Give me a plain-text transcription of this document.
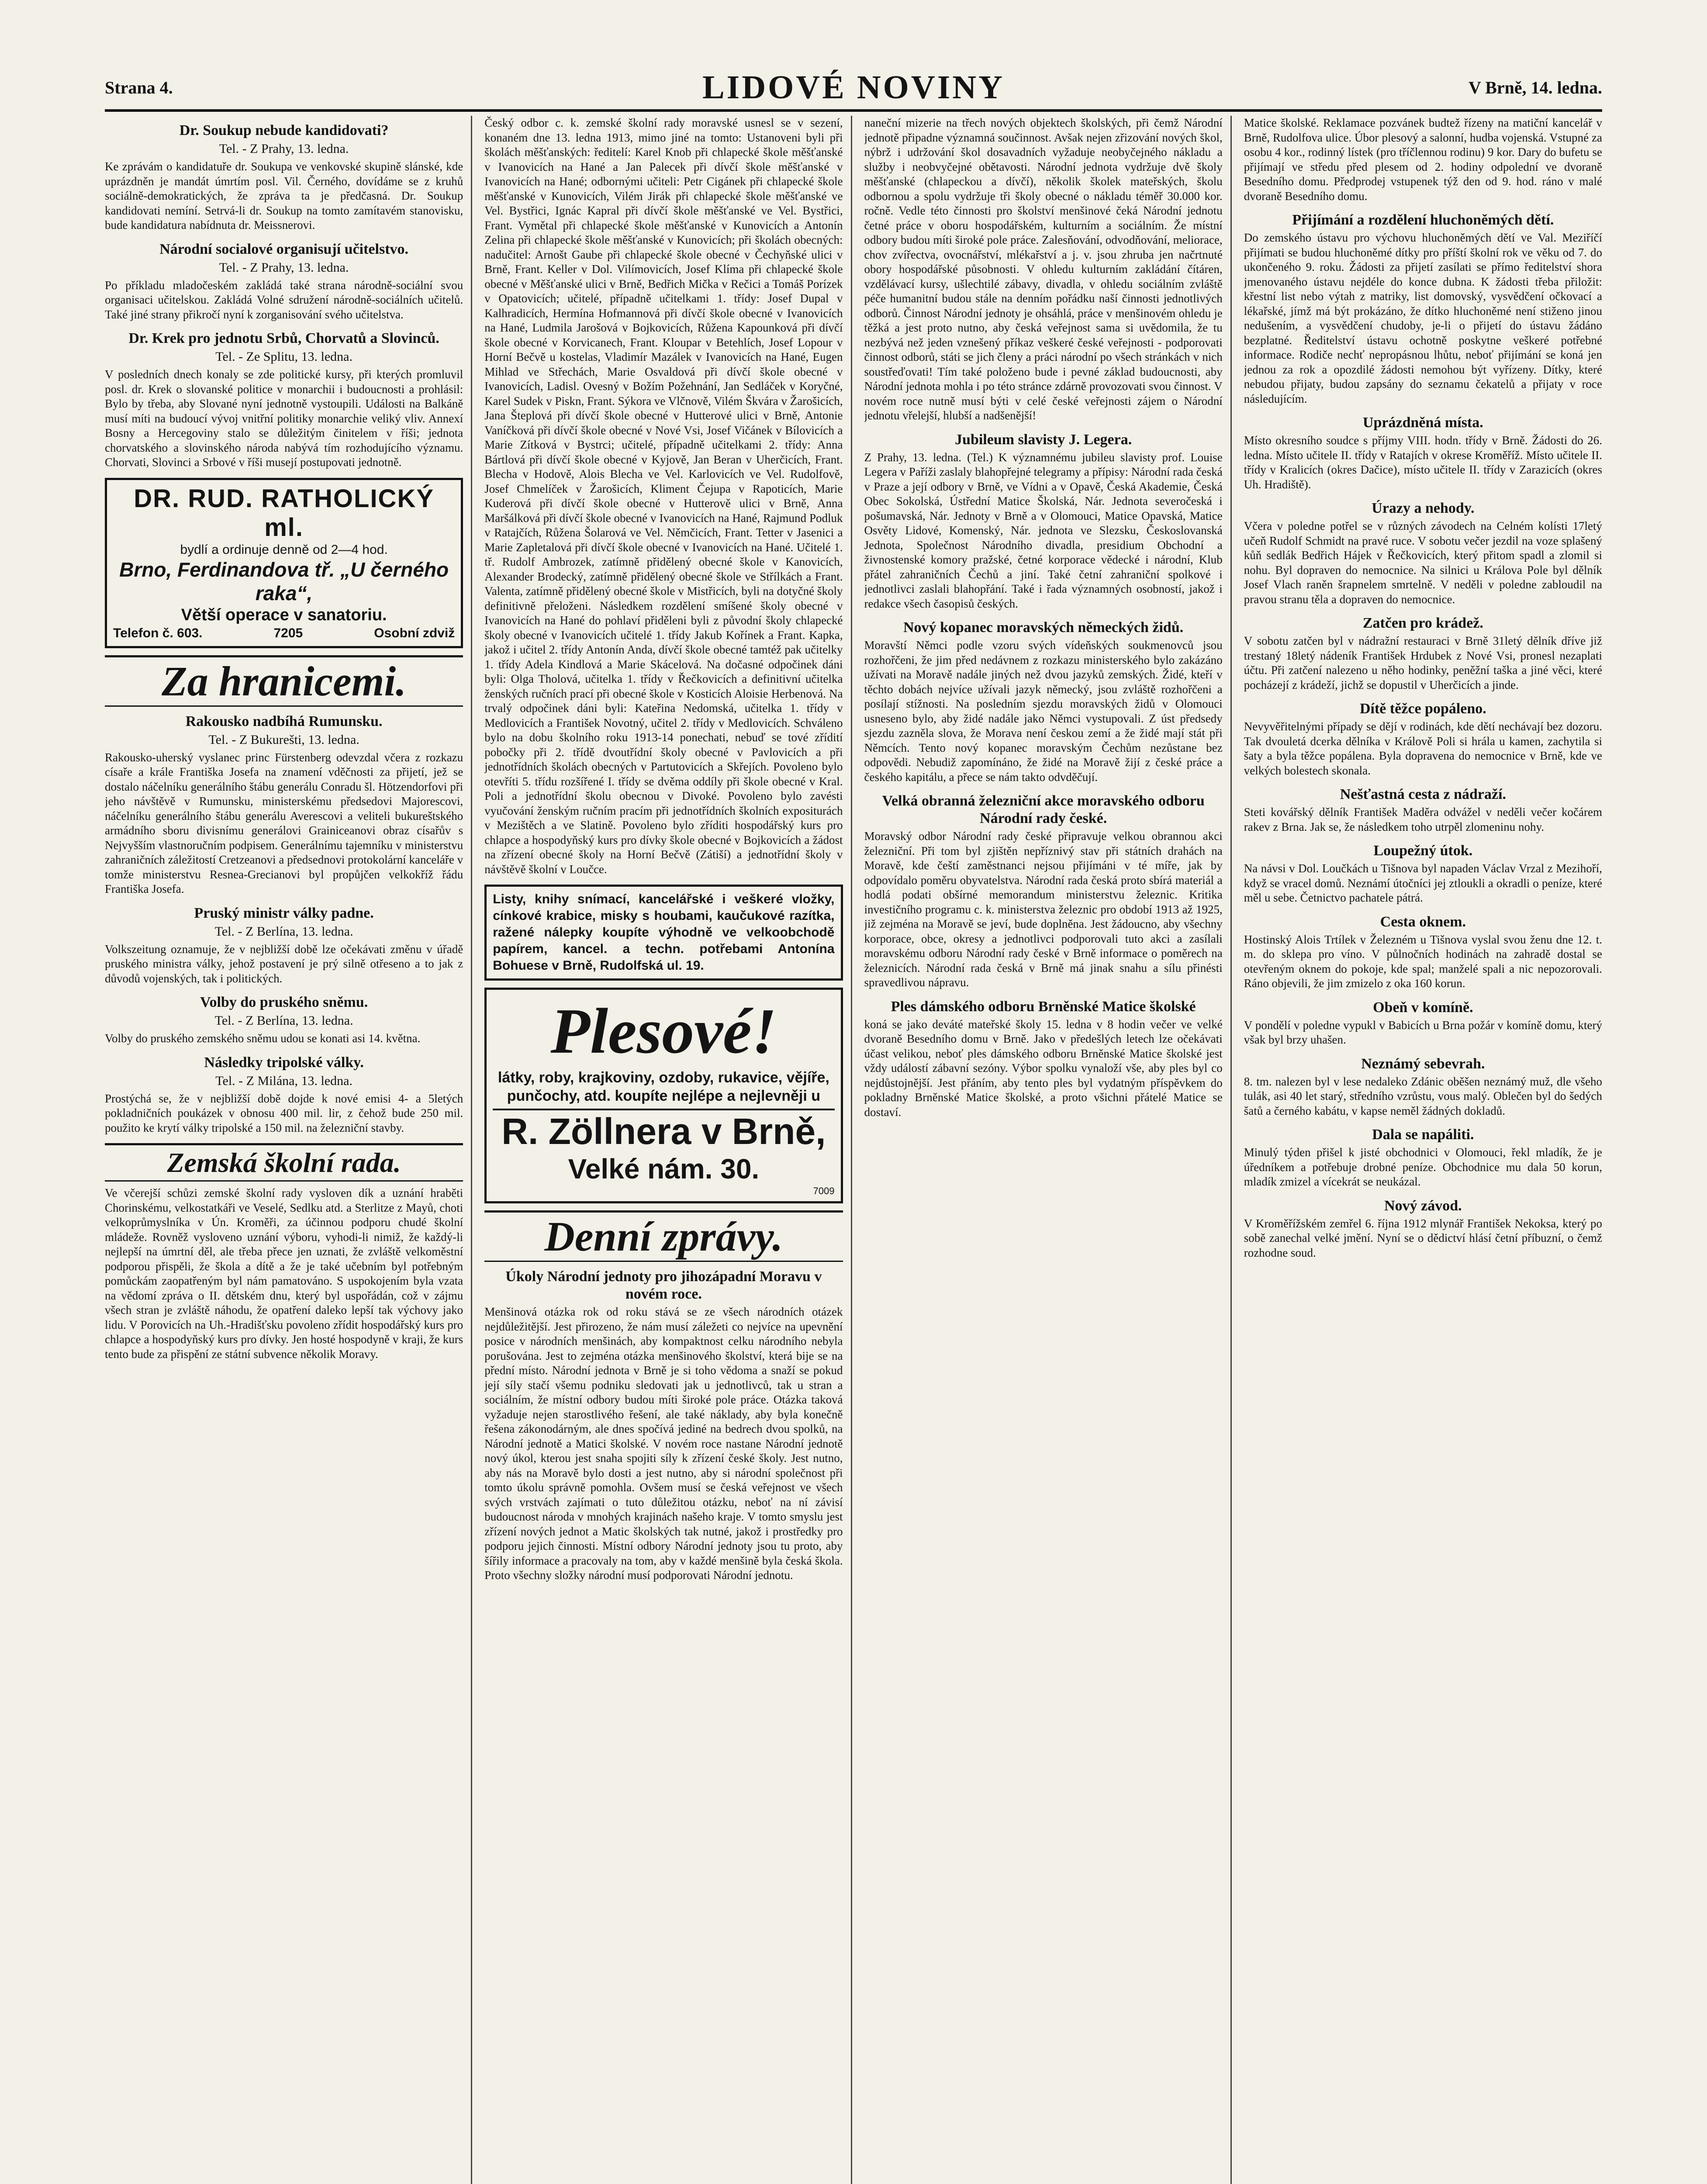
Strana 4.	LIDOVÉ NOVINY	V Brně, 14. ledna.
Dr. Soukup nebude kandidovati?
Tel. - Z Prahy, 13. ledna.

Ke zprávám o kandidatuře dr. Soukupa ve venkovské skupině slánské, kde uprázdněn je mandát úmrtím posl. Vil. Černého, dovídáme se z kruhů sociálně-demokratických, že zpráva ta je předčasná. Dr. Soukup kandidovati nemíní. Setrvá-li dr. Soukup na tomto zamítavém stanovisku, bude kandidatura nabídnuta dr. Meissnerovi.

Národní socialové organisují učitelstvo.
Tel. - Z Prahy, 13. ledna.

Po příkladu mladočeském zakládá také strana národně-sociální svou organisaci učitelskou. Zakládá Volné sdružení národně-sociálních učitelů. Také jiné strany přikročí nyní k zorganisování svého učitelstva.

Dr. Krek pro jednotu Srbů, Chorvatů a Slovinců.
Tel. - Ze Splitu, 13. ledna.

V posledních dnech konaly se zde politické kursy, při kterých promluvil posl. dr. Krek o slovanské politice v monarchii i budoucnosti a prohlásil: Bylo by třeba, aby Slované nyní jednotně vystoupili. Události na Balkáně musí míti na budoucí vývoj vnitřní politiky monarchie veliký vliv. Annexí Bosny a Hercegoviny stalo se důležitým činitelem v říši; jednota chorvatského a slovinského národa nabývá tím rozhodujícího významu. Chorvati, Slovinci a Srbové v říši musejí postupovati jednotně.

DR. RUD. RATHOLICKÝ ml.
bydlí a ordinuje denně od 2—4 hod.
Brno, Ferdinandova tř. „U černého raka“,
Větší operace v sanatoriu.
Telefon č. 603.	7205	Osobní zdviž
Za hranicemi.
Rakousko nadbíhá Rumunsku.
Tel. - Z Bukurešti, 13. ledna.

Rakousko-uherský vyslanec princ Fürstenberg odevzdal včera z rozkazu císaře a krále Františka Josefa na znamení vděčnosti za přijetí, jež se dostalo náčelníku generálního štábu generálu Conradu šl. Hötzendorfovi při jeho návštěvě v Rumunsku, ministerskému předsedovi Majorescovi, náčelníku generálního štábu generálu Averescovi a veliteli bukureštského armádního sboru divisnímu generálovi Grainiceanovi obraz císařův s Nejvyšším vlastnoručním podpisem. Generálnímu tajemníku v ministerstvu zahraničních záležitostí Cretzeanovi a předsednovi protokolární kanceláře v tomže ministerstvu Resnea-Grecianovi byl propůjčen velkokříž řádu Františka Josefa.

Pruský ministr války padne.
Tel. - Z Berlína, 13. ledna.

Volkszeitung oznamuje, že v nejbližší době lze očekávati změnu v úřadě pruského ministra války, jehož postavení je prý silně otřeseno a to jak z důvodů vojenských, tak i politických.

Volby do pruského sněmu.
Tel. - Z Berlína, 13. ledna.

Volby do pruského zemského sněmu udou se konati asi 14. května.

Následky tripolské války.
Tel. - Z Milána, 13. ledna.

Prostýchá se, že v nejbližší době dojde k nové emisi 4- a 5letých pokladničních poukázek v obnosu 400 mil. lir, z čehož bude 250 mil. použito ke krytí války tripolské a 150 mil. na železniční stavby.

Zemská školní rada.

Ve včerejší schůzi zemské školní rady vysloven dík a uznání hraběti Chorinskému, velkostatkáři ve Veselé, Sedlku atd. a Sterlitze z Mayů, choti velkoprůmyslníka v Ún. Kroměři, za účinnou podporu chudé školní mládeže. Rovněž vysloveno uznání výboru, vyhodi-li nimiž, že každý-li nejlepší na úmrtní děl, ale třeba přece jen uznati, že zvláště velkoměstní podporou přispěli, že škola a dítě a že je také učebním byl potřebným pomůckám zaopatřeným byl nám pamatováno. S uspokojením byla vzata na vědomí zpráva o II. dětském dnu, který byl uspořádán, což v zájmu všech stran je zvláště náhodu, že opatření daleko lepší tak výchovy jako lidu. V Porovicích na Uh.-Hradišťsku povoleno zřídit hospodářský kurs pro chlapce a hospodyňský kurs pro dívky. Jen hosté hospodyně v kraji, že kurs tento bude za přispění ze státní subvence několik Moravy.

Český odbor c. k. zemské školní rady moravské usnesl se v sezení, konaném dne 13. ledna 1913, mimo jiné na tomto: Ustanoveni byli při školách měšťanských: ředitelí: Karel Knob při chlapecké škole měšťanské v Ivanovicích na Hané a Jan Palecek při dívčí škole měšťanské v Ivanovicích na Hané; odbornými učiteli: Petr Cigánek při chlapecké škole měšťanské v Kunovicích, Vilém Jirák při chlapecké škole měšťanské ve Vel. Bystřici, Ignác Kapral při dívčí škole měšťanské ve Vel. Bystřici, Frant. Vymětal při chlapecké škole měšťanské v Kunovicích a Antonín Zelina při chlapecké škole měšťanské v Kunovicích; při školách obecných: nadučitel: Arnošt Gaube při chlapecké škole obecné v Čechyňské ulici v Brně, Frant. Keller v Dol. Vilímovicích, Josef Klíma při chlapecké škole obecné v Měšťanské ulici v Brně, Bedřich Mička v Rečici a Tomáš Porízek v Opatovicích; učitelé, případně učitelkami 1. třídy: Josef Dupal v Kalhradicích, Hermína Hofmannová při dívčí škole obecné v Ivanovicích na Hané, Ludmila Jarošová v Bojkovicích, Růžena Kapounková při dívčí škole obecné v Korvicanech, Frant. Kloupar v Betehlích, Josef Lopour v Horní Bečvě u kostelas, Vladimír Mazálek v Ivanovicích na Hané, Eugen Mihlad ve Střechách, Marie Osvaldová při dívčí škole obecné v Ivanovicích, Ladisl. Ovesný v Božím Požehnání, Jan Sedláček v Koryčné, Karel Sudek v Piskn, Frant. Sýkora ve Vlčnově, Vilém Škvára v Žarošicích, Jana Šteplová při dívčí škole obecné v Hutterové ulici v Brně, Antonie Vaníčková při dívčí škole obecné v Nové Vsi, Josef Vičánek v Bílovicích a Marie Zítková v Bystrci; učitelé, případně učitelkami 2. třídy: Anna Bártlová při dívčí škole obecné v Kyjově, Jan Beran v Uherčicích, Frant. Blecha v Hodově, Alois Blecha ve Vel. Karlovicích ve Vel. Rudolfově, Josef Chmelíček v Žarošicích, Kliment Čejupa v Rapoticích, Marie Kuderová při dívčí škole obecné v Hutterově ulici v Brně, Anna Maršálková při dívčí škole obecné v Ivanovicích na Hané, Rajmund Podluk v Ratajčích, Růžena Šolarová ve Vel. Němčicích, Frant. Tetter v Jasenici a Marie Zapletalová při dívčí škole obecné v Ivanovicích na Hané. Učitelé 1. tř. Rudolf Ambrozek, zatímně přidělený obecné škole v Kanovicích, Alexander Brodecký, zatímně přidělený obecné škole ve Střílkách a Frant. Valenta, zatímně přidělený obecné škole v Mistřicích, byli na dotyčné školy definitivně přeloženi. Následkem rozdělení smíšené školy obecné v Ivanovicích na Hané do pohlaví přiděleni byli z původní školy chlapecké školy obecné v Ivanovicích učitelé 1. třídy Jakub Kořínek a Frant. Kapka, jakož i učitel 2. třídy Antonín Anda, dívčí škole obecné tamtéž pak učitelky 1. třídy Adela Kindlová a Marie Skácelová. Na dočasné odpočinek dáni byli: Olga Tholová, učitelka 1. třídy v Řečkovicích a definitivní učitelka ženských ručních prací při obecné škole v Kosticích Aloisie Herbenová. Na trvalý odpočinek dáni byli: Kateřina Nedomská, učitelka 1. třídy v Medlovicích a František Novotný, učitel 2. třídy v Medlovicích. Schváleno bylo na dobu školního roku 1913-14 ponechati, nebuď se tové zřídití pobočky při 2. třídě dvoutřídní školy obecné v Pavlovicích a při jednotřídních školách obecných v Partutovicích a Skřejích. Povoleno bylo otevříti 5. třídu rozšířené I. třídy se dvěma oddíly při škole obecné v Kral. Poli a jednotřídní školu obecnou v Divoké. Povoleno bylo zavésti vyučování ženským ručním pracím při jednotřídních školních expositurách v Mezištěch a ve Slatině. Povoleno bylo zříditi hospodářský kurs pro chlapce a hospodyňský kurs pro dívky škole obecné v Bojkovicích a žádost na zřízení obecné školy na Horní Bečvě (Zátiší) a jednotřídní školy v návštěvě školní v Loučce.

Listy, knihy snímací, kancelářské i veškeré vložky, cínkové krabice, misky s houbami, kaučukové razítka, ražené nálepky koupíte výhodně ve velkoobchodě papírem, kancel. a techn. potřebami Antonína Bohuese v Brně, Rudolfská ul. 19.
Plesové!
látky, roby, krajkoviny, ozdoby, rukavice, vějíře, punčochy, atd. koupíte nejlépe a nejlevněji u
R. Zöllnera v Brně,
Velké nám. 30.
7009
Denní zprávy.
Úkoly Národní jednoty pro jihozápadní Moravu v novém roce.

Menšinová otázka rok od roku stává se ze všech národních otázek nejdůležitější. Jest přirozeno, že nám musí záležeti co nejvíce na upevnění posice v národních menšinách, aby kompaktnost celku národního nebyla porušována. Jest to zejména otázka menšinového školství, která bije se na přední místo. Národní jednota v Brně je si toho vědoma a snaží se pokud její síly stačí všemu podniku sledovati jak u jednotlivců, tak u stran a sociálním, že místní odbory budou míti široké pole práce. Otázka taková vyžaduje nejen starostlivého řešení, ale také náklady, aby byla konečně řešena zákonodárným, ale dnes spočívá jediné na bedrech dvou spolků, na Národní jednotě a Matici školské. V novém roce nastane Národní jednotě nový úkol, kterou jest snaha spojiti síly k zřízení české školy. Jest nutno, aby nás na Moravě bylo dosti a jest nutno, aby si národní společnost při tomto úkolu správně pomohla. Ovšem musí se česká veřejnost ve všech svých vrstvách zajímati o tuto důležitou otázku, neboť na ní závisí budoucnost národa v mnohých krajinách našeho kraje. V tomto smyslu jest zřízení nových jednot a Matic školských tak nutné, jakož i prostředky pro podporu jejich činnosti. Místní odbory Národní jednoty jsou tu proto, aby šířily informace a pracovaly na tom, aby v každé menšině byla česká škola. Proto všechny složky národní musí podporovati Národní jednotu.

naneční mizerie na třech nových objektech školských, při čemž Národní jednotě připadne významná součinnost. Avšak nejen zřizování nových škol, nýbrž i udržování škol dosavadních vyžaduje neobyčejného nákladu a služby i neobvyčejné obětavosti. Národní jednota vydržuje dvě školy měšťanské (chlapeckou a dívčí), několik školek mateřských, školu odbornou a spolu vydržuje tři školy obecné o nákladu téměř 30.000 kor. ročně. Vedle této činnosti pro školství menšinové čeká Národní jednotu četné práce v oboru hospodářském, kulturním a sociálním. Že místní odbory budou míti široké pole práce. Zalesňování, odvodňování, meliorace, chov zvířectva, ovocnářství, mlékařství a j. v. jsou zhruba jen načrtnuté obory hospodářské působnosti. V ohledu kulturním zakládání čítáren, vzdělávací kursy, ušlechtilé zábavy, divadla, v ohledu sociálním zvláště péče humanitní budou stále na denním pořádku naší činnosti jednotlivých odborů. Činnost Národní jednoty je ohsáhlá, práce v menšinovém ohledu je těžká a jest proto nutno, aby česká veřejnost sama si uvědomila, že tu nezbývá než jeden vznešený příkaz veškeré české veřejnosti - podporovati činnost odborů, státi se jich členy a práci národní po všech stránkách v nich soustřeďovati! Tím také položeno bude i pevné základ budoucnosti, aby Národní jednota mohla i po této stránce zdárně provozovati svou činnost. V novém roce nutně musí býti v celé české veřejnosti zájem o Národní jednotu vřelejší, hlubší a nadšenější!

Jubileum slavisty J. Legera.

Z Prahy, 13. ledna. (Tel.) K významnému jubileu slavisty prof. Louise Legera v Paříži zaslaly blahopřejné telegramy a přípisy: Národní rada česká v Praze a její odbory v Brně, ve Vídni a v Opavě, Česká Akademie, Česká Obec Sokolská, Ústřední Matice Školská, Nár. Jednota severočeská i pošumavská, Nár. Jednoty v Brně a v Olomouci, Matice Opavská, Matice Osvěty Lidové, Komenský, Nár. jednota ve Slezsku, Českoslovanská Jednota, Společnost Národního divadla, presidium Obchodní a živnostenské komory pražské, četné korporace vědecké i národní, Klub přátel zahraničních Čechů a jiní. Také četní zahraniční spolkové i jednotlivci zaslali blahopřání. Také i řada významných osobností, jakož i redakce všech časopisů českých.

Nový kopanec moravských německých židů.

Moravští Němci podle vzoru svých vídeňských soukmenovců jsou rozhořčeni, že jim před nedávnem z rozkazu ministerského bylo zakázáno užívati na Moravě nadále jiných než dvou jazyků zemských. Židé, kteří v těchto dobách nejvíce užívali jazyk německý, jsou zvláště rozhořčeni a posílají stížnosti. Na posledním sjezdu moravských židů v Olomouci usneseno bylo, aby židé nadále jako Němci vystupovali. Z úst předsedy sjezdu zazněla slova, že Morava není českou zemí a že židé mají stát při Němcích. Tento nový kopanec moravským Čechům nezůstane bez odpovědi. Nebudiž zapomínáno, že židé na Moravě žijí z české práce a českého kapitálu, a přece se nám takto odvděčují.

Velká obranná železniční akce moravského odboru Národní rady české.

Moravský odbor Národní rady české připravuje velkou obrannou akci železniční. Při tom byl zjištěn nepříznivý stav při státních drahách na Moravě, kde čeští zaměstnanci nejsou přijímáni v té míře, jak by odpovídalo poměru obyvatelstva. Národní rada česká proto sbírá materiál a hodlá podati obšírné memorandum ministerstvu železnic. Kritika investičního programu c. k. ministerstva železnic pro období 1913 až 1925, již zejména na Moravě se jeví, bude doplněna. Jest žádoucno, aby všechny korporace, obce, okresy a jednotlivci podporovali tuto akci a zasílali moravskému odboru Národní rady české v Brně informace o poměrech na železnicích. Národní rada česká v Brně má jinak snahu a sílu přinésti spravedlivou nápravu.

Ples dámského odboru Brněnské Matice školské

koná se jako deváté mateřské školy 15. ledna v 8 hodin večer ve velké dvoraně Besedního domu v Brně. Jako v předešlých letech lze očekávati účast velikou, neboť ples dámského odboru Brněnské Matice školské jest vždy událostí zábavní sezóny. Výbor spolku vynaloží vše, aby ples byl co nejdůstojnější. Jest přáním, aby tento ples byl vydatným příspěvkem do pokladny Brněnské Matice školské, a proto všichni přátelé Matice se dostaví.

Matice školské. Reklamace pozvánek budtež řízeny na matiční kancelář v Brně, Rudolfova ulice. Úbor plesový a salonní, hudba vojenská. Vstupné za osobu 4 kor., rodinný lístek (pro tříčlennou rodinu) 9 kor. Dary do bufetu se přijímají ve středu před plesem od 2. hodiny odpolední ve dvoraně Besedního domu. Předprodej vstupenek týž den od 9. hod. ráno v malé dvoraně Besedního domu.

Přijímání a rozdělení hluchoněmých dětí.

Do zemského ústavu pro výchovu hluchoněmých dětí ve Val. Meziříčí přijímati se budou hluchoněmé dítky pro příští školní rok ve věku od 7. do ukončeného 9. roku. Žádosti za přijetí zasílati se přímo ředitelství shora jmenovaného ústavu nejdéle do konce dubna. K žádosti třeba přiložit: křestní list nebo výtah z matriky, list domovský, vysvědčení očkovací a lékařské, jímž má být prokázáno, že dítko hluchoněmé není stiženo jinou nedušením, a vysvědčení chudoby, je-li o přijetí do ústavu žádáno bezplatné. Ředitelství ústavu ochotně poskytne veškeré potřebné informace. Rodiče nechť nepropásnou lhůtu, neboť přijímání se koná jen jednou za rok a opozdilé žádosti nemohou být vyřízeny. Dítky, které nebudou přijaty, budou zapsány do seznamu čekatelů a přijaty v roce následujícím.

Uprázdněná místa.

Místo okresního soudce s příjmy VIII. hodn. třídy v Brně. Žádosti do 26. ledna. Místo učitele II. třídy v Ratajích v okrese Kroměříž. Místo učitele II. třídy v Kralicích (okres Dačice), místo učitele II. třídy v Zarazicích (okres Uh. Hradiště).

Úrazy a nehody.

Včera v poledne potřel se v různých závodech na Celném kolísti 17letý učeň Rudolf Schmidt na pravé ruce. V sobotu večer jezdil na voze splašený kůň sedlák Bedřich Hájek v Řečkovicích, který přitom spadl a zlomil si nohu. Byl dopraven do nemocnice. Na silnici u Králova Pole byl dělník Josef Vlach raněn šrapnelem smrtelně. V neděli v poledne zabloudil na pravou stranu těla a dopraven do nemocnice.

Zatčen pro krádež.

V sobotu zatčen byl v nádražní restauraci v Brně 31letý dělník dříve již trestaný 18letý nádeník František Hrdubek z Nové Vsi, pronesl nezaplati účtu. Při zatčení nalezeno u něho hodinky, peněžní taška a jiné věci, které pocházejí z krádeží, jichž se dopustil v Uherčicích a jinde.

Dítě těžce popáleno.

Nevyvěřitelnými případy se dějí v rodinách, kde dětí nechávají bez dozoru. Tak dvouletá dcerka dělníka v Králově Poli si hrála u kamen, zachytila si šaty a byla těžce popálena. Byla dopravena do nemocnice v Brně, kde ve velkých bolestech skonala.

Nešťastná cesta z nádraží.

Steti kovářský dělník František Maděra odvážel v neděli večer kočárem rakev z Brna. Jak se, že následkem toho utrpěl zlomeninu nohy.

Loupežný útok.

Na návsi v Dol. Loučkách u Tišnova byl napaden Václav Vrzal z Mezihoří, když se vracel domů. Neznámí útočníci jej ztloukli a okradli o peníze, které měl u sebe. Četnictvo pachatele pátrá.

Cesta oknem.

Hostinský Alois Trtílek v Železném u Tišnova vyslal svou ženu dne 12. t. m. do sklepa pro víno. V půlnočních hodinách na zahradě dostal se otevřeným oknem do pokoje, kde spal; manželé spali a nic nepozorovali. Ráno objevili, že jim zmizelo z oka 160 korun.

Obeň v komíně.

V pondělí v poledne vypukl v Babicích u Brna požár v komíně domu, který však byl brzy uhašen.

Neznámý sebevrah.

8. tm. nalezen byl v lese nedaleko Zdánic oběšen neznámý muž, dle všeho tulák, asi 40 let starý, středního vzrůstu, vous malý. Oblečen byl do šedých šatů a černého kabátu, v kapse neměl žádných dokladů.

Dala se napáliti.

Minulý týden přišel k jisté obchodnici v Olomouci, řekl mladík, že je úředníkem a potřebuje drobné peníze. Obchodnice mu dala 50 korun, mladík zmizel a vícekrát se neukázal.

Nový závod.

V Kroměřížském zemřel 6. října 1912 mlynář František Nekoksa, který po sobě zanechal velké jmění. Nyní se o dědictví hlásí četní příbuzní, o čemž rozhodne soud.
